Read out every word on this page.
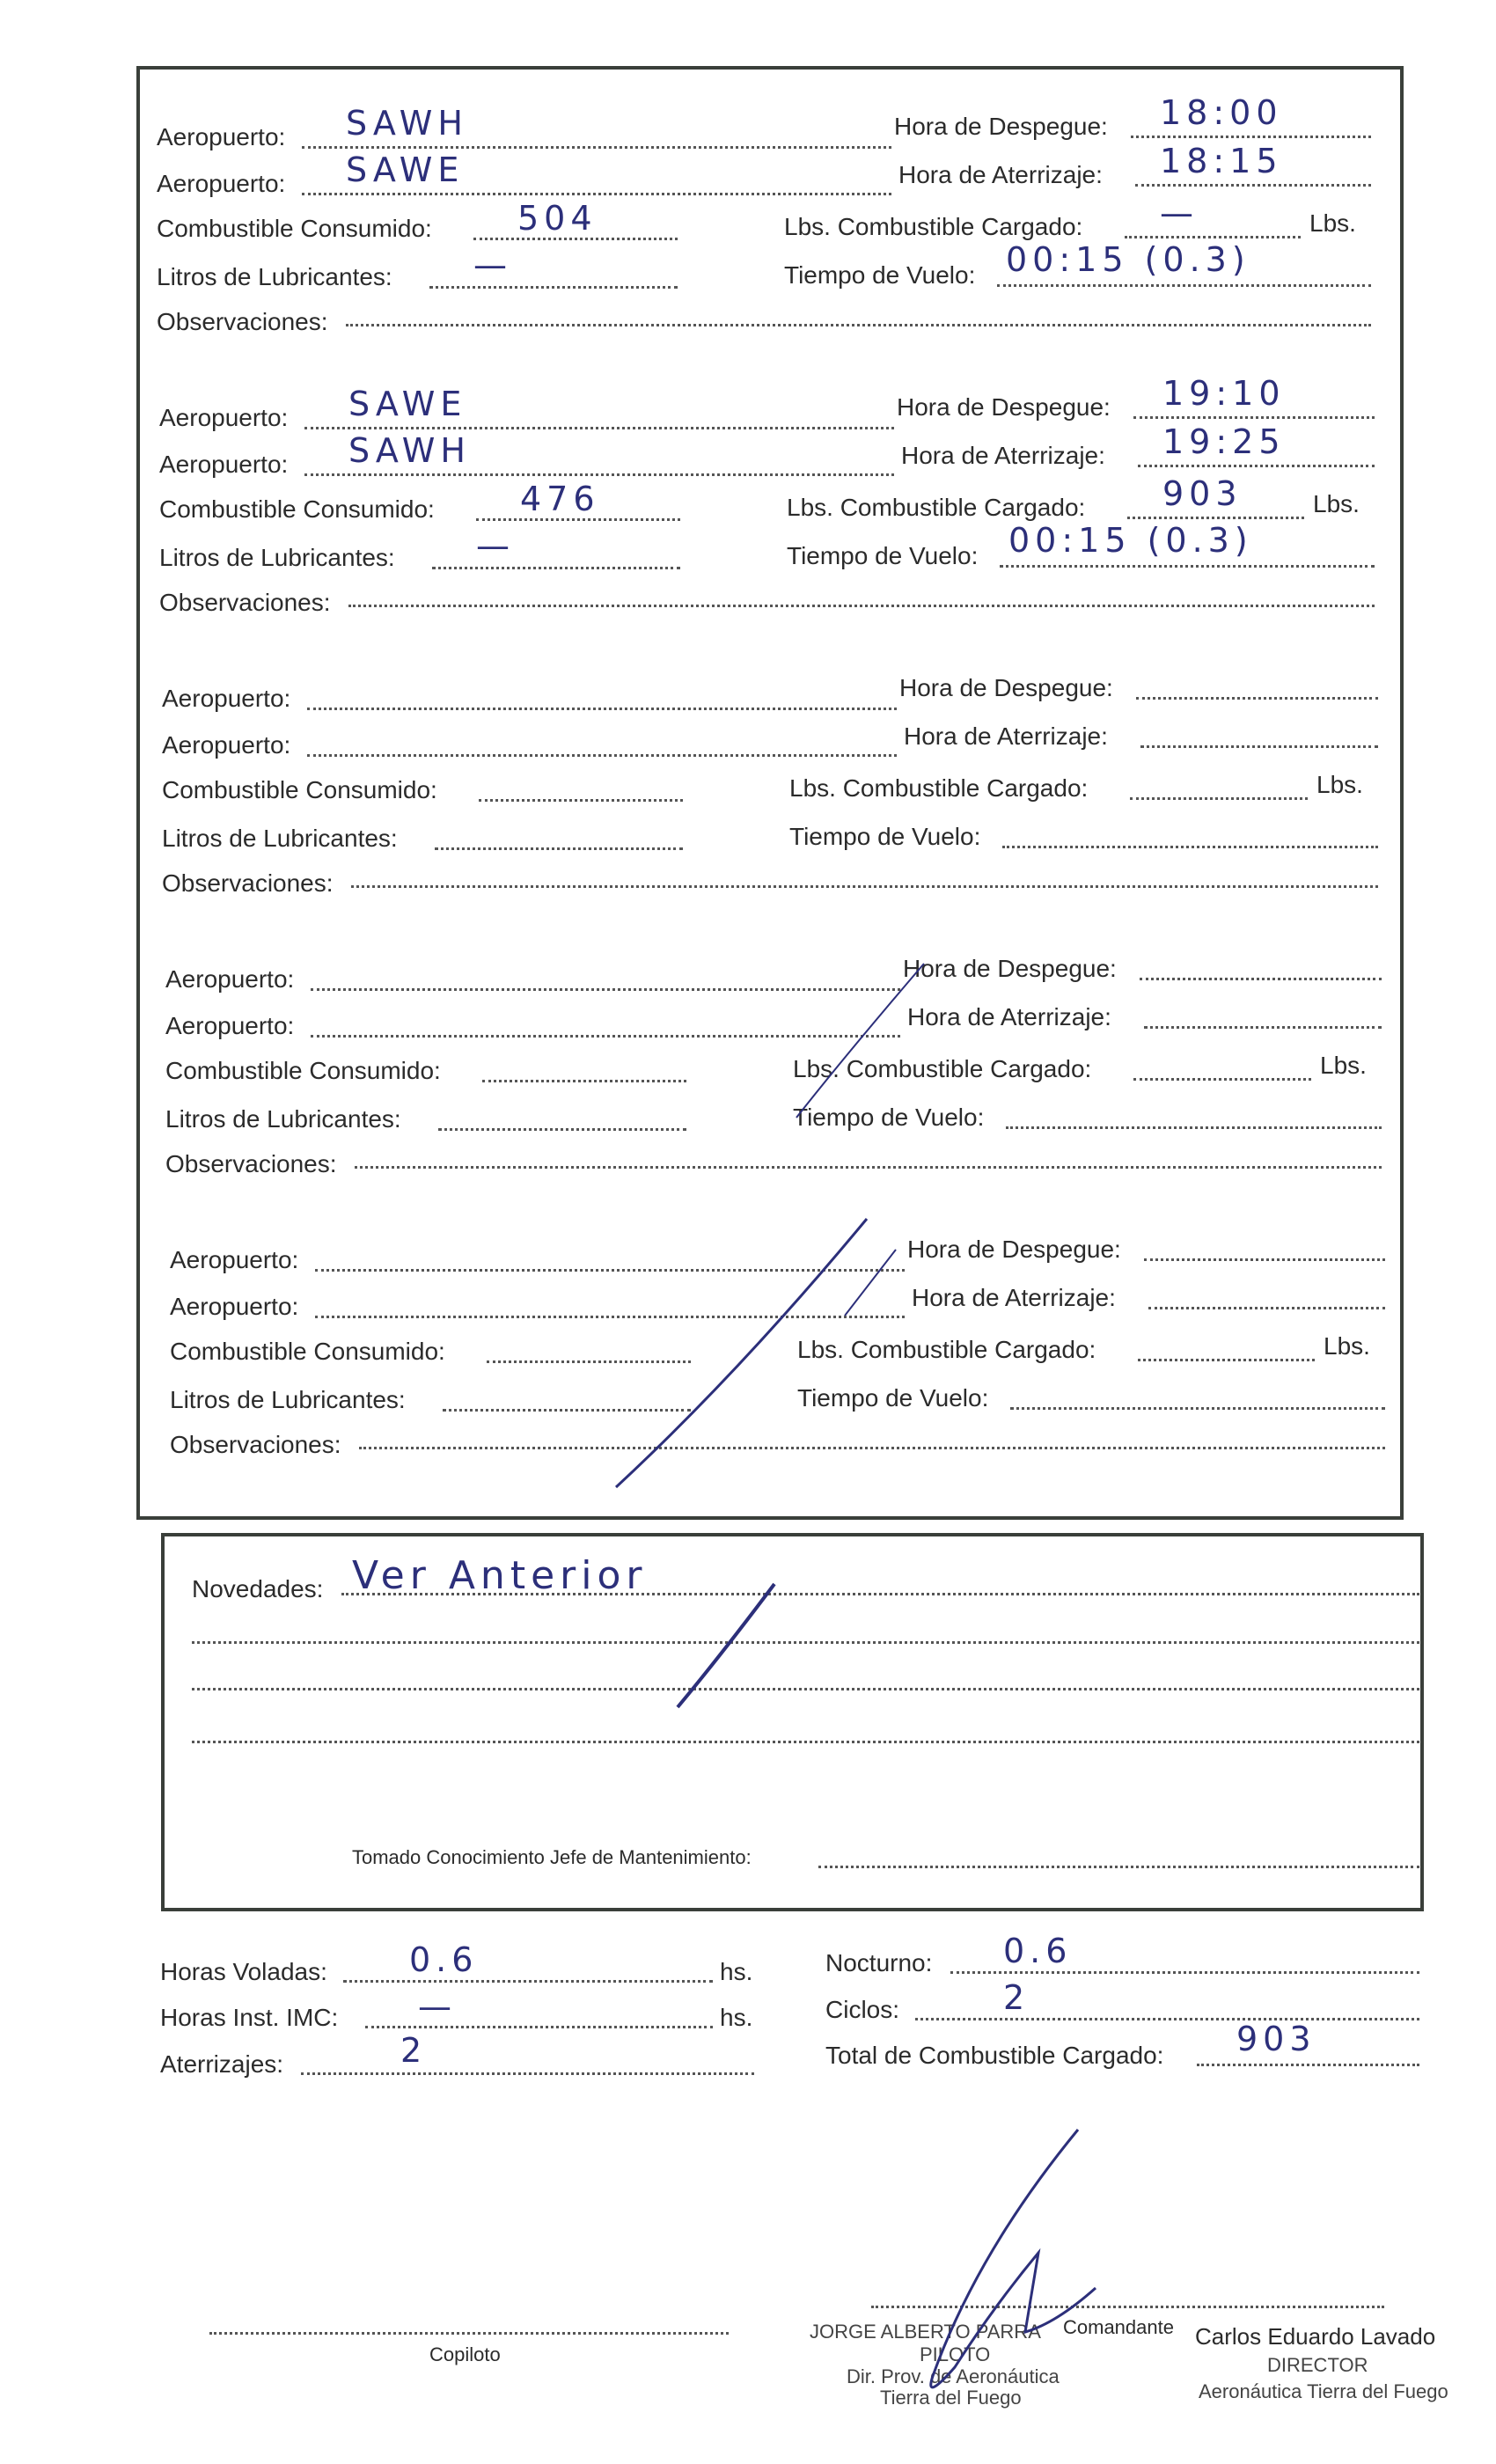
Aeropuerto: SAWH	Hora de Despegue: 18:00
Aeropuerto: SAWE	Hora de Aterrizaje: 18:15
Combustible Consumido:	504	Lbs. Combustible Cargado: —	Lbs.
Litros de Lubricantes: —	Tiempo de Vuelo: 00:15 (0.3)
Observaciones:
Aeropuerto: SAWE	Hora de Despegue: 19:10
Aeropuerto: SAWH	Hora de Aterrizaje: 19:25
Combustible Consumido:	476	Lbs. Combustible Cargado: 903	Lbs.
Litros de Lubricantes: —	Tiempo de Vuelo: 00:15 (0.3)
Observaciones:
Aeropuerto:	Hora de Despegue:
Aeropuerto:	Hora de Aterrizaje:
Combustible Consumido:	Lbs. Combustible Cargado:	Lbs.
Litros de Lubricantes:	Tiempo de Vuelo:
Observaciones:
Aeropuerto:	Hora de Despegue:
Aeropuerto:	Hora de Aterrizaje:
Combustible Consumido:	Lbs. Combustible Cargado:	Lbs.
Litros de Lubricantes:	Tiempo de Vuelo:
Observaciones:
Aeropuerto:	Hora de Despegue:
Aeropuerto:	Hora de Aterrizaje:
Combustible Consumido:	Lbs. Combustible Cargado:	Lbs.
Litros de Lubricantes:	Tiempo de Vuelo:
Observaciones:
Novedades: Ver Anterior
Tomado Conocimiento Jefe de Mantenimiento:
Horas Voladas: 0.6	hs.
Horas Inst. IMC: —	hs.
Aterrizajes:	2
Nocturno: 0.6
Ciclos:	2
Total de Combustible Cargado: 903
Copiloto
JORGE ALBERTO PARRA Comandante
PILOTO
Dir. Prov. de Aeronáutica
Tierra del Fuego
Carlos Eduardo Lavado
DIRECTOR
Aeronáutica Tierra del Fuego
